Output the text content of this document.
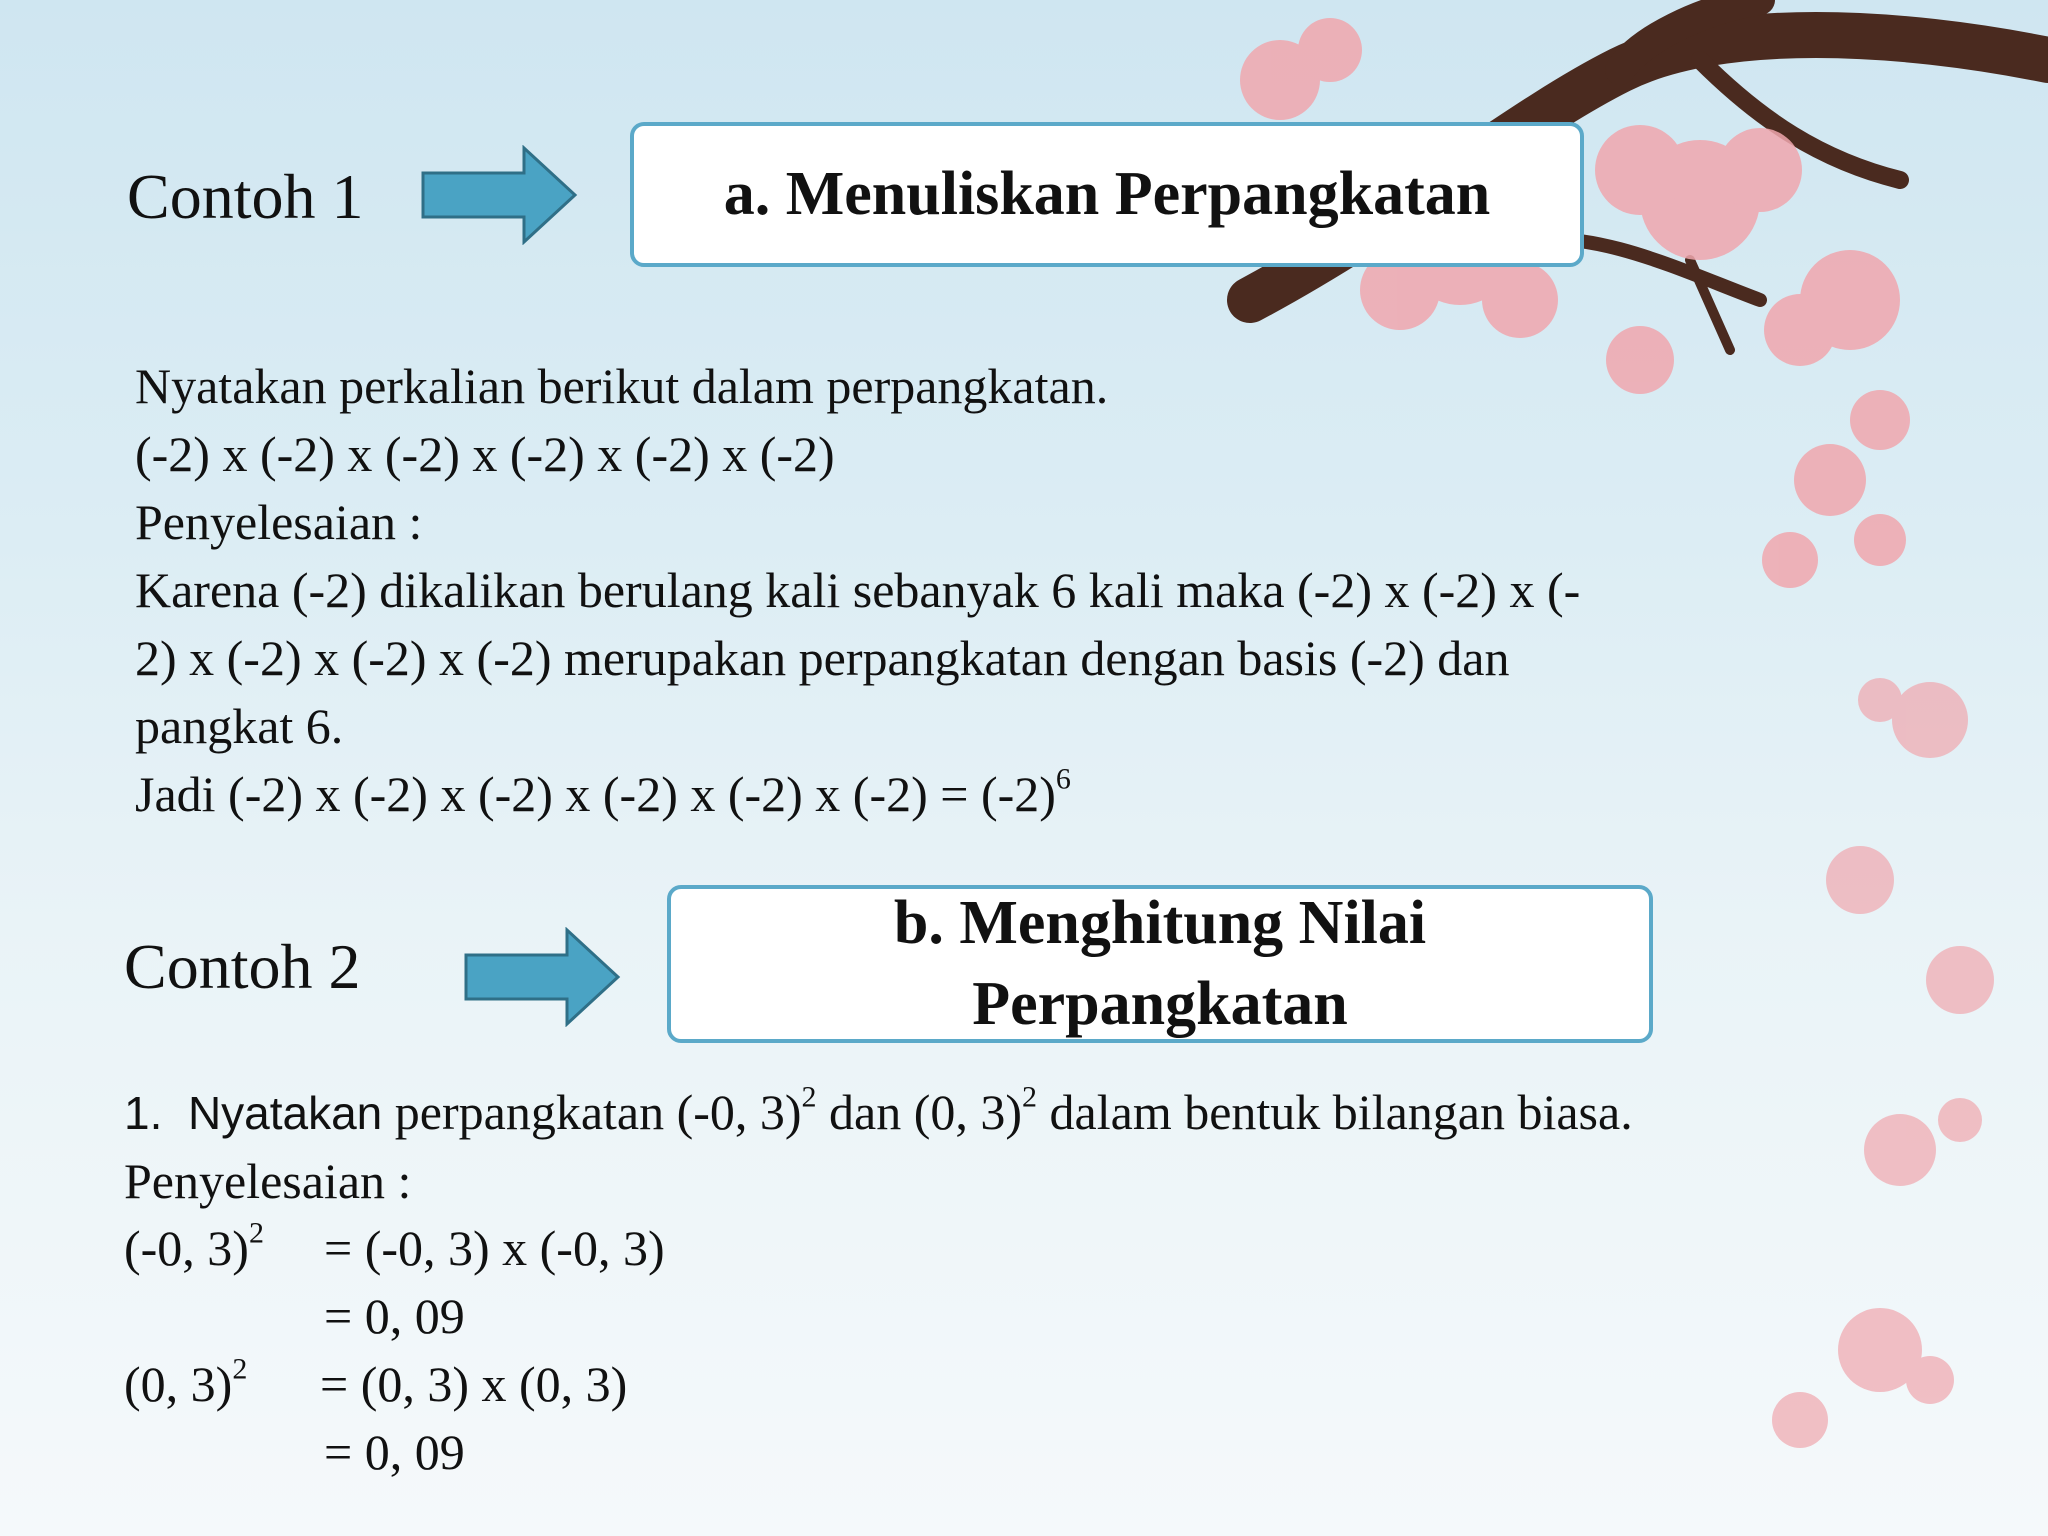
Contoh 1	a. Menuliskan Perpangkatan

Nyatakan perkalian berikut dalam perpangkatan.

(-2) x (-2) x (-2) x (-2) x (-2) x (-2)

Penyelesaian :

Karena (-2) dikalikan berulang kali sebanyak 6 kali maka (-2) x (-2) x (-

2) x (-2) x (-2) x (-2) merupakan perpangkatan dengan basis (-2) dan

pangkat 6.

Jadi (-2) x (-2) x (-2) x (-2) x (-2) x $(-2) = (-2)^6$

Contoh 2
b. Menghitung Nilai
Perpangkatan

1. Nyatakan perpangkatan (-0, 3)$^2$ dan (0, 3)$^2$ dalam bentuk bilangan biasa.

Penyelesaian :

(-0, 3)$^2$ = (-0, 3) x (-0, 3)
= 0, 09
(0, 3)$^2$ = (0, 3) x (0, 3)
= 0, 09
